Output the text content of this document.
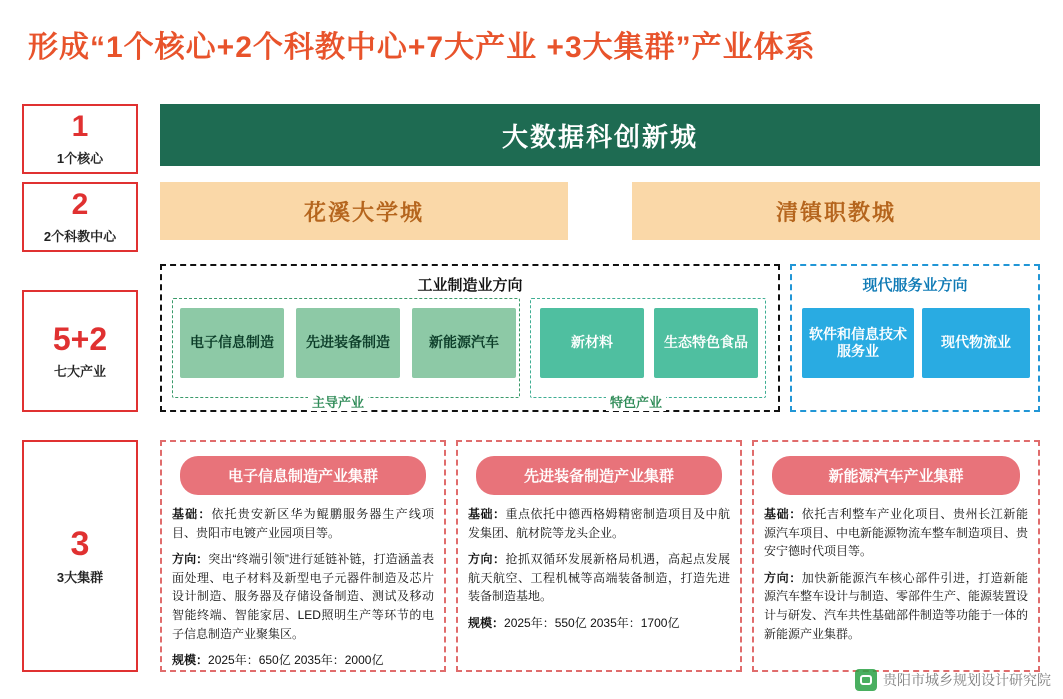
形成“1个核心+2个科教中心+7大产业 +3大集群”产业体系
1
1个核心
2
2个科教中心
5+2
七大产业
3
3大集群
大数据科创新城
花溪大学城	清镇职教城
工业制造业方向
主导产业
电子信息制造	先进装备制造	新能源汽车
特色产业
新材料	生态特色食品
现代服务业方向
软件和信息技术服务业
现代物流业
电子信息制造产业集群

基础：依托贵安新区华为鲲鹏服务器生产线项目、贵阳市电镀产业园项目等。

方向：突出“终端引领”进行延链补链，打造涵盖表面处理、电子材料及新型电子元器件制造及芯片设计制造、服务器及存储设备制造、测试及移动智能终端、智能家居、LED照明生产等环节的电子信息制造产业聚集区。

规模：2025年：650亿 2035年：2000亿

先进装备制造产业集群

基础：重点依托中德西格姆精密制造项目及中航发集团、航材院等龙头企业。

方向：抢抓双循环发展新格局机遇，高起点发展航天航空、工程机械等高端装备制造，打造先进装备制造基地。

规模：2025年：550亿 2035年：1700亿

新能源汽车产业集群

基础：依托吉利整车产业化项目、贵州长江新能源汽车项目、中电新能源物流车整车制造项目、贵安宁德时代项目等。

方向：加快新能源汽车核心部件引进，打造新能源汽车整车设计与制造、零部件生产、能源装置设计与研发、汽车共性基础部件制造等功能于一体的新能源产业集群。

贵阳市城乡规划设计研究院
